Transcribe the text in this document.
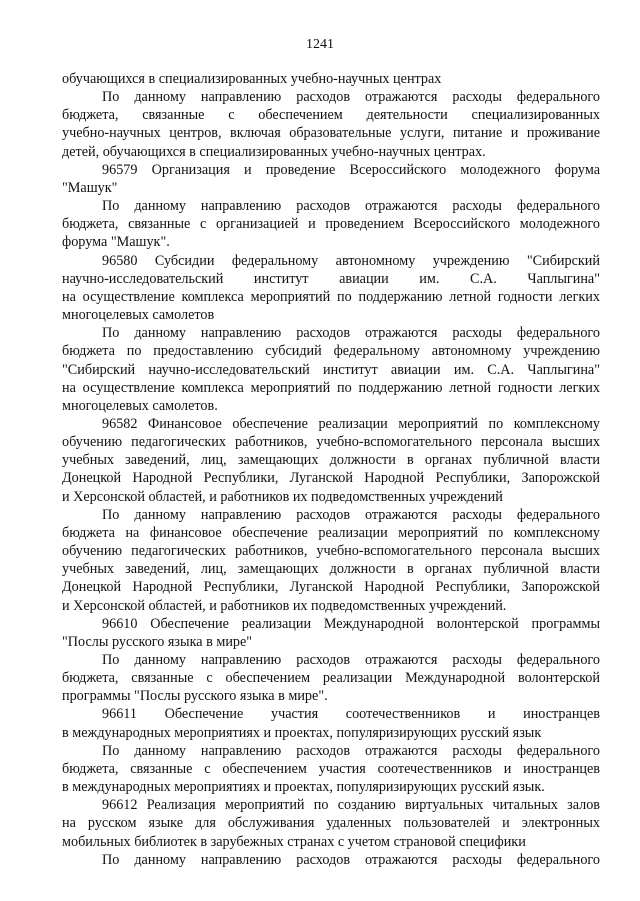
1241
обучающихся в специализированных учебно-научных центрах
По данному направлению расходов отражаются расходы федерального
бюджета, связанные с обеспечением деятельности специализированных
учебно-научных центров, включая образовательные услуги, питание и проживание
детей, обучающихся в специализированных учебно-научных центрах.
96579 Организация и проведение Всероссийского молодежного форума
"Машук"
По данному направлению расходов отражаются расходы федерального
бюджета, связанные с организацией и проведением Всероссийского молодежного
форума "Машук".
96580 Субсидии федеральному автономному учреждению "Сибирский
научно-исследовательский институт авиации им. С.А. Чаплыгина"
на осуществление комплекса мероприятий по поддержанию летной годности легких
многоцелевых самолетов
По данному направлению расходов отражаются расходы федерального
бюджета по предоставлению субсидий федеральному автономному учреждению
"Сибирский научно-исследовательский институт авиации им. С.А. Чаплыгина"
на осуществление комплекса мероприятий по поддержанию летной годности легких
многоцелевых самолетов.
96582 Финансовое обеспечение реализации мероприятий по комплексному
обучению педагогических работников, учебно-вспомогательного персонала высших
учебных заведений, лиц, замещающих должности в органах публичной власти
Донецкой Народной Республики, Луганской Народной Республики, Запорожской
и Херсонской областей, и работников их подведомственных учреждений
По данному направлению расходов отражаются расходы федерального
бюджета на финансовое обеспечение реализации мероприятий по комплексному
обучению педагогических работников, учебно-вспомогательного персонала высших
учебных заведений, лиц, замещающих должности в органах публичной власти
Донецкой Народной Республики, Луганской Народной Республики, Запорожской
и Херсонской областей, и работников их подведомственных учреждений.
96610 Обеспечение реализации Международной волонтерской программы
"Послы русского языка в мире"
По данному направлению расходов отражаются расходы федерального
бюджета, связанные с обеспечением реализации Международной волонтерской
программы "Послы русского языка в мире".
96611 Обеспечение участия соотечественников и иностранцев
в международных мероприятиях и проектах, популяризирующих русский язык
По данному направлению расходов отражаются расходы федерального
бюджета, связанные с обеспечением участия соотечественников и иностранцев
в международных мероприятиях и проектах, популяризирующих русский язык.
96612 Реализация мероприятий по созданию виртуальных читальных залов
на русском языке для обслуживания удаленных пользователей и электронных
мобильных библиотек в зарубежных странах с учетом страновой специфики
По данному направлению расходов отражаются расходы федерального
